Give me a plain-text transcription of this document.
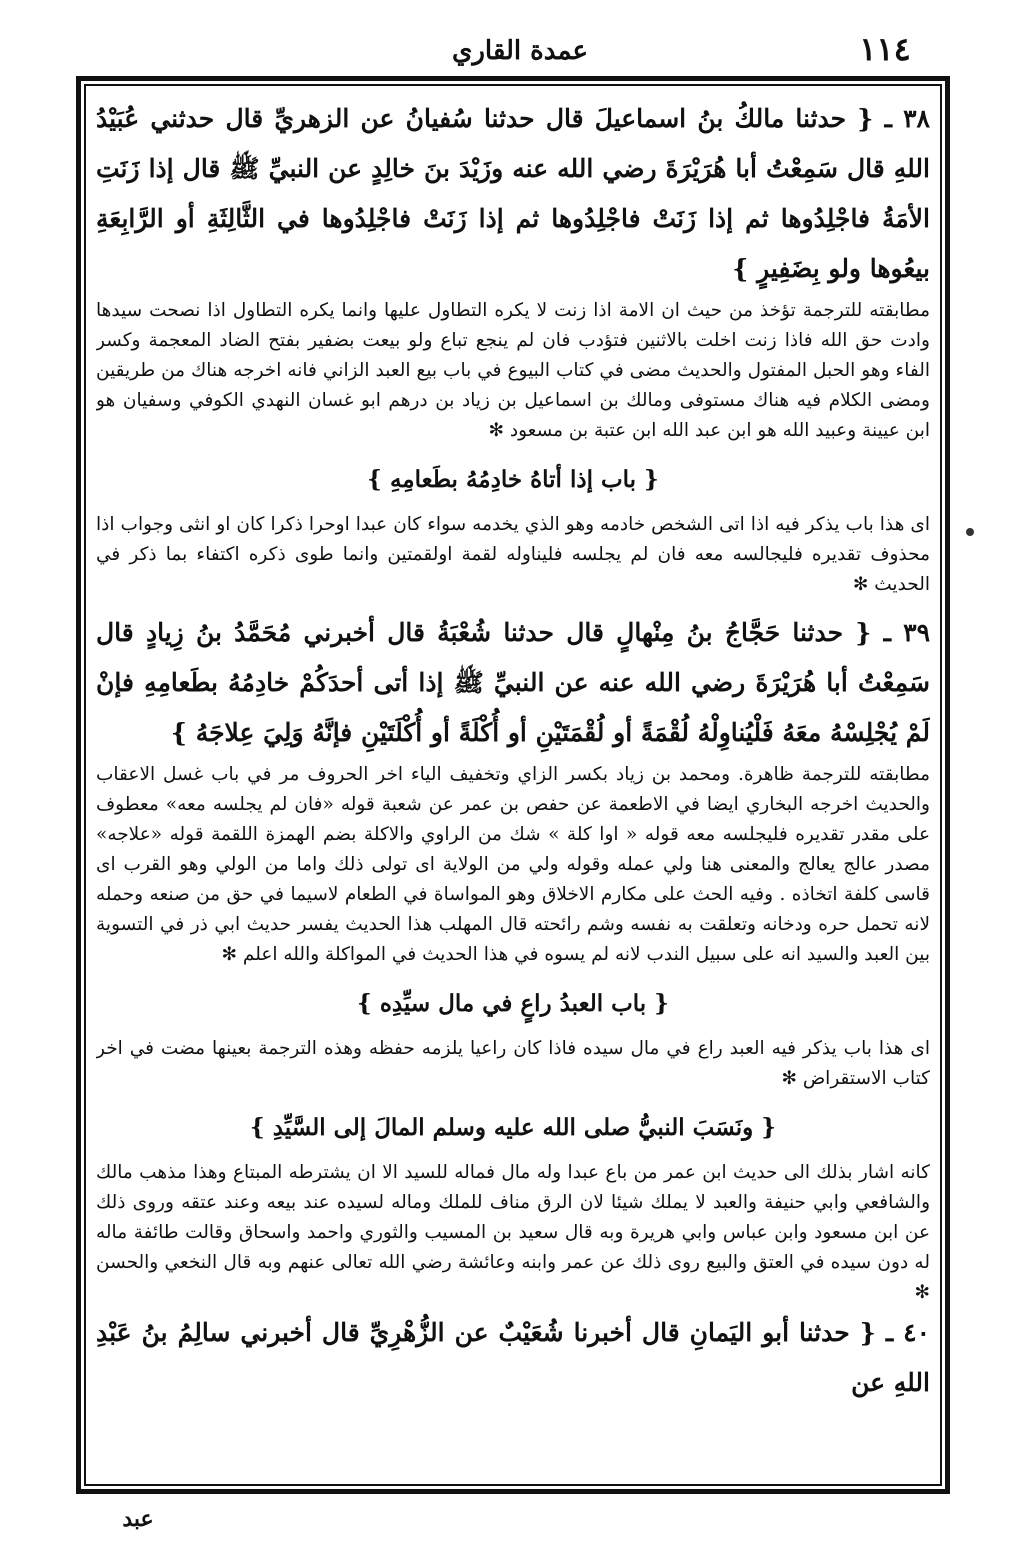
عمدة القاري	١١٤

٣٨ ـ { حدثنا مالكُ بنُ اسماعيلَ قال حدثنا سُفيانُ عن الزهريِّ قال حدثني عُبَيْدُ اللهِ قال سَمِعْتُ أبا هُرَيْرَةَ رضي الله عنه وزَيْدَ بنَ خالِدٍ عن النبيِّ ﷺ قال إذا زَنَتِ الأمَةُ فاجْلِدُوها ثم إذا زَنَتْ فاجْلِدُوها ثم إذا زَنَتْ فاجْلِدُوها في الثَّالِثَةِ أو الرَّابِعَةِ بيعُوها ولو بِضَفِيرٍ }

مطابقته للترجمة تؤخذ من حيث ان الامة اذا زنت لا يكره التطاول عليها وانما يكره التطاول اذا نصحت سيدها وادت حق الله فاذا زنت اخلت بالاثنين فتؤدب فان لم ينجع تباع ولو بيعت بضفير بفتح الضاد المعجمة وكسر الفاء وهو الحبل المفتول والحديث مضى في كتاب البيوع في باب بيع العبد الزاني فانه اخرجه هناك من طريقين ومضى الكلام فيه هناك مستوفى ومالك بن اسماعيل بن زياد بن درهم ابو غسان النهدي الكوفي وسفيان هو ابن عيينة وعبيد الله هو ابن عبد الله ابن عتبة بن مسعود ✻

{ باب إذا أتاهُ خادِمُهُ بطَعامِهِ }

اى هذا باب يذكر فيه اذا اتى الشخص خادمه وهو الذي يخدمه سواء كان عبدا اوحرا ذكرا كان او انثى وجواب اذا محذوف تقديره فليجالسه معه فان لم يجلسه فليناوله لقمة اولقمتين وانما طوى ذكره اكتفاء بما ذكر في الحديث ✻

٣٩ ـ { حدثنا حَجَّاجُ بنُ مِنْهالٍ قال حدثنا شُعْبَةُ قال أخبرني مُحَمَّدُ بنُ زِيادٍ قال سَمِعْتُ أبا هُرَيْرَةَ رضي الله عنه عن النبيِّ ﷺ إذا أتى أحدَكُمْ خادِمُهُ بطَعامِهِ فإنْ لَمْ يُجْلِسْهُ معَهُ فَلْيُناوِلْهُ لُقْمَةً أو لُقْمَتَيْنِ أو أُكْلَةً أو أُكْلَتَيْنِ فإنَّهُ وَلِيَ عِلاجَهُ }

مطابقته للترجمة ظاهرة. ومحمد بن زياد بكسر الزاي وتخفيف الياء اخر الحروف مر في باب غسل الاعقاب والحديث اخرجه البخاري ايضا في الاطعمة عن حفص بن عمر عن شعبة قوله «فان لم يجلسه معه» معطوف على مقدر تقديره فليجلسه معه قوله « اوا كلة » شك من الراوي والاكلة بضم الهمزة اللقمة قوله «علاجه» مصدر عالج يعالج والمعنى هنا ولي عمله وقوله ولي من الولاية اى تولى ذلك واما من الولي وهو القرب اى قاسى كلفة اتخاذه . وفيه الحث على مكارم الاخلاق وهو المواساة في الطعام لاسيما في حق من صنعه وحمله لانه تحمل حره ودخانه وتعلقت به نفسه وشم رائحته قال المهلب هذا الحديث يفسر حديث ابي ذر في التسوية بين العبد والسيد انه على سبيل الندب لانه لم يسوه في هذا الحديث في المواكلة والله اعلم ✻

{ باب العبدُ راعٍ في مال سيِّدِه }

اى هذا باب يذكر فيه العبد راع في مال سيده فاذا كان راعيا يلزمه حفظه وهذه الترجمة بعينها مضت في اخر كتاب الاستقراض ✻

{ ونَسَبَ النبيُّ صلى الله عليه وسلم المالَ إلى السَّيِّدِ }

كانه اشار بذلك الى حديث ابن عمر من باع عبدا وله مال فماله للسيد الا ان يشترطه المبتاع وهذا مذهب مالك والشافعي وابي حنيفة والعبد لا يملك شيئا لان الرق مناف للملك وماله لسيده عند بيعه وعند عتقه وروى ذلك عن ابن مسعود وابن عباس وابي هريرة وبه قال سعيد بن المسيب والثوري واحمد واسحاق وقالت طائفة ماله له دون سيده في العتق والبيع روى ذلك عن عمر وابنه وعائشة رضي الله تعالى عنهم وبه قال النخعي والحسن ✻

٤٠ ـ { حدثنا أبو اليَمانِ قال أخبرنا شُعَيْبٌ عن الزُّهْرِيِّ قال أخبرني سالِمُ بنُ عَبْدِ اللهِ عن

عبد
